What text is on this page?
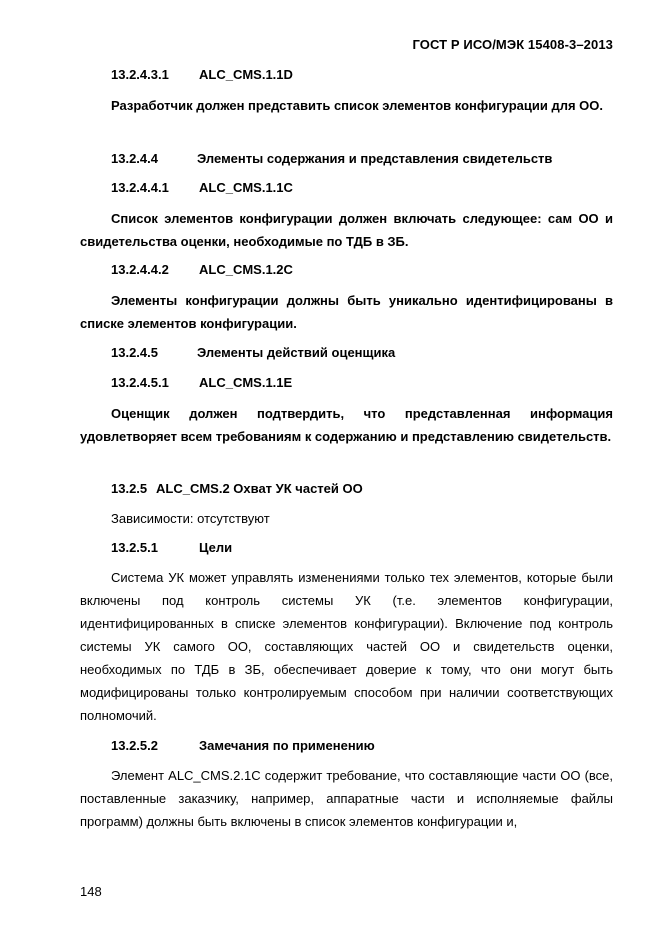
ГОСТ Р ИСО/МЭК 15408-3–2013
13.2.4.3.1 ALC_CMS.1.1D
Разработчик должен представить список элементов конфигурации для ОО.
13.2.4.4	Элементы содержания и представления свидетельств
13.2.4.4.1 ALC_CMS.1.1C
Список элементов конфигурации должен включать следующее: сам ОО и свидетельства оценки, необходимые по ТДБ в ЗБ.
13.2.4.4.2 ALC_CMS.1.2C
Элементы конфигурации должны быть уникально идентифицированы в списке элементов конфигурации.
13.2.4.5	Элементы действий оценщика
13.2.4.5.1 ALC_CMS.1.1E
Оценщик должен подтвердить, что представленная информация удовлетворяет всем требованиям к содержанию и представлению свидетельств.
13.2.5 ALC_CMS.2 Охват УК частей ОО
Зависимости: отсутствуют
13.2.5.1	Цели
Система УК может управлять изменениями только тех элементов, которые были включены под контроль системы УК (т.е. элементов конфигурации, идентифицированных в списке элементов конфигурации). Включение под контроль системы УК самого ОО, составляющих частей ОО и свидетельств оценки, необходимых по ТДБ в ЗБ, обеспечивает доверие к тому, что они могут быть модифицированы только контролируемым способом при наличии соответствующих полномочий.
13.2.5.2	Замечания по применению
Элемент ALC_CMS.2.1C содержит требование, что составляющие части ОО (все, поставленные заказчику, например, аппаратные части и исполняемые файлы программ) должны быть включены в список элементов конфигурации и,
148
